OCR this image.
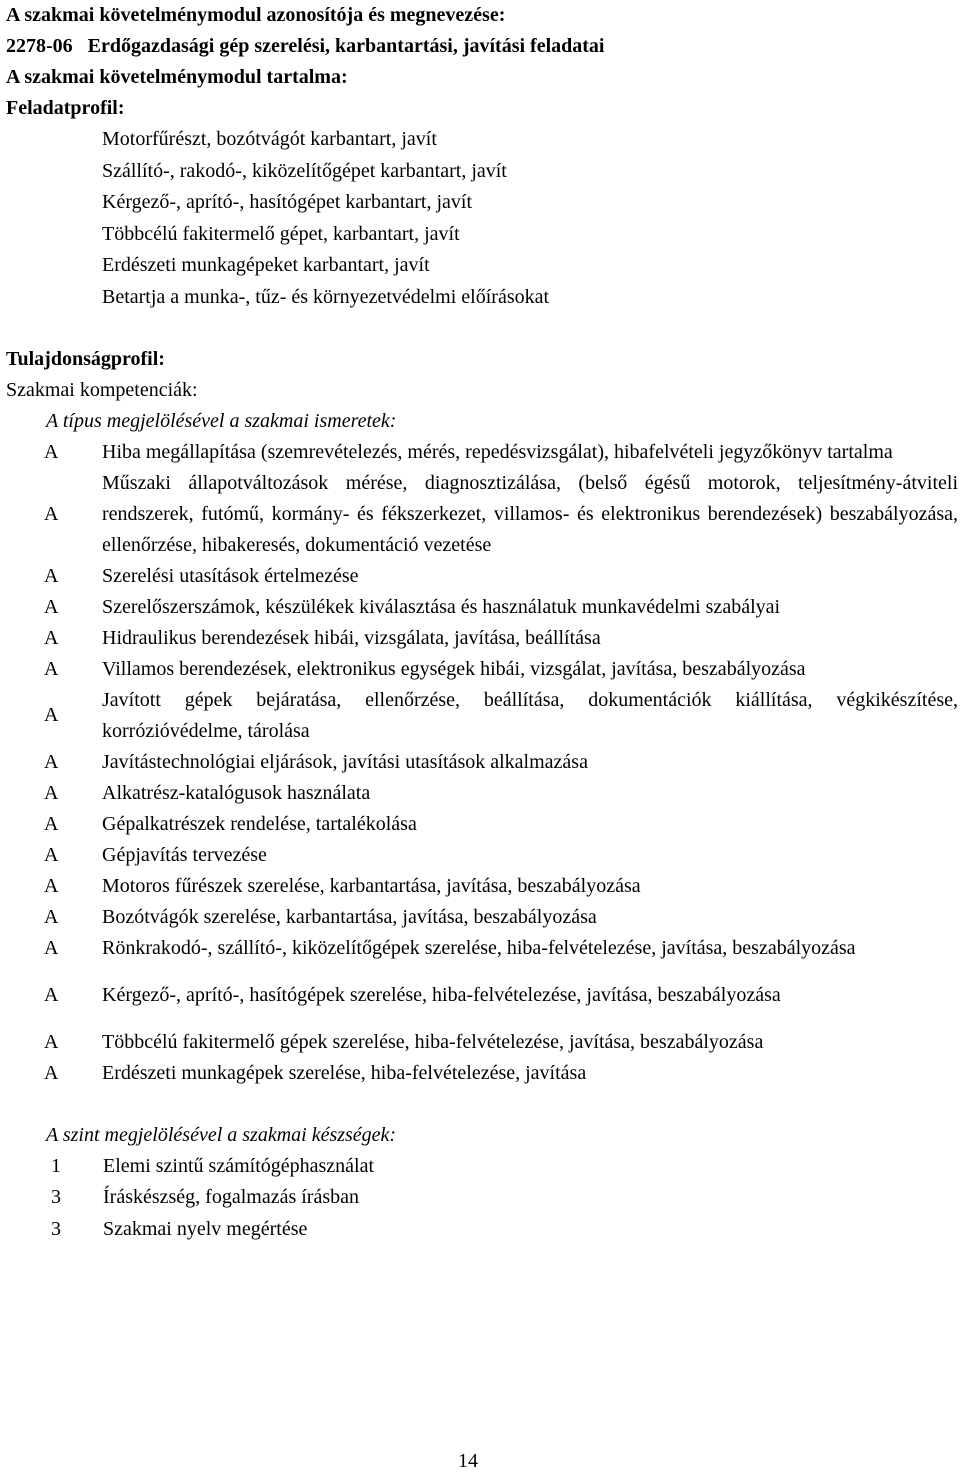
A szakmai követelménymodul azonosítója és megnevezése:

2278-06   Erdőgazdasági gép szerelési, karbantartási, javítási feladatai

A szakmai követelménymodul tartalma:

Feladatprofil:

Motorfűrészt, bozótvágót karbantart, javít
Szállító-, rakodó-, kiközelítőgépet karbantart, javít
Kérgező-, aprító-, hasítógépet karbantart, javít
Többcélú fakitermelő gépet, karbantart, javít
Erdészeti munkagépeket karbantart, javít
Betartja a munka-, tűz- és környezetvédelmi előírásokat

Tulajdonságprofil:

Szakmai kompetenciák:

A típus megjelölésével a szakmai ismeretek:

A	Hiba megállapítása (szemrevételezés, mérés, repedésvizsgálat), hibafelvételi jegyzőkönyv tartalma
A	Műszaki állapotváltozások mérése, diagnosztizálása, (belső égésű motorok, teljesítmény-átviteli rendszerek, futómű, kormány- és fékszerkezet, villamos- és elektronikus berendezések) beszabályozása, ellenőrzése, hibakeresés, dokumentáció vezetése
A	Szerelési utasítások értelmezése
A	Szerelőszerszámok, készülékek kiválasztása és használatuk munkavédelmi szabályai
A	Hidraulikus berendezések hibái, vizsgálata, javítása, beállítása
A	Villamos berendezések, elektronikus egységek hibái, vizsgálat, javítása, beszabályozása
A	Javított gépek bejáratása, ellenőrzése, beállítása, dokumentációk kiállítása, végkikészítése, korrózióvédelme, tárolása
A	Javítástechnológiai eljárások, javítási utasítások alkalmazása
A	Alkatrész-katalógusok használata
A	Gépalkatrészek rendelése, tartalékolása
A	Gépjavítás tervezése
A	Motoros fűrészek szerelése, karbantartása, javítása, beszabályozása
A	Bozótvágók szerelése, karbantartása, javítása, beszabályozása
A	Rönkrakodó-, szállító-, kiközelítőgépek szerelése, hiba-felvételezése, javítása, beszabályozása
A	Kérgező-, aprító-, hasítógépek szerelése, hiba-felvételezése, javítása, beszabályozása
A	Többcélú fakitermelő gépek szerelése, hiba-felvételezése, javítása, beszabályozása
A	Erdészeti munkagépek szerelése, hiba-felvételezése, javítása

A szint megjelölésével a szakmai készségek:

1	Elemi szintű számítógéphasználat
3	Íráskészség, fogalmazás írásban
3	Szakmai nyelv megértése
14
